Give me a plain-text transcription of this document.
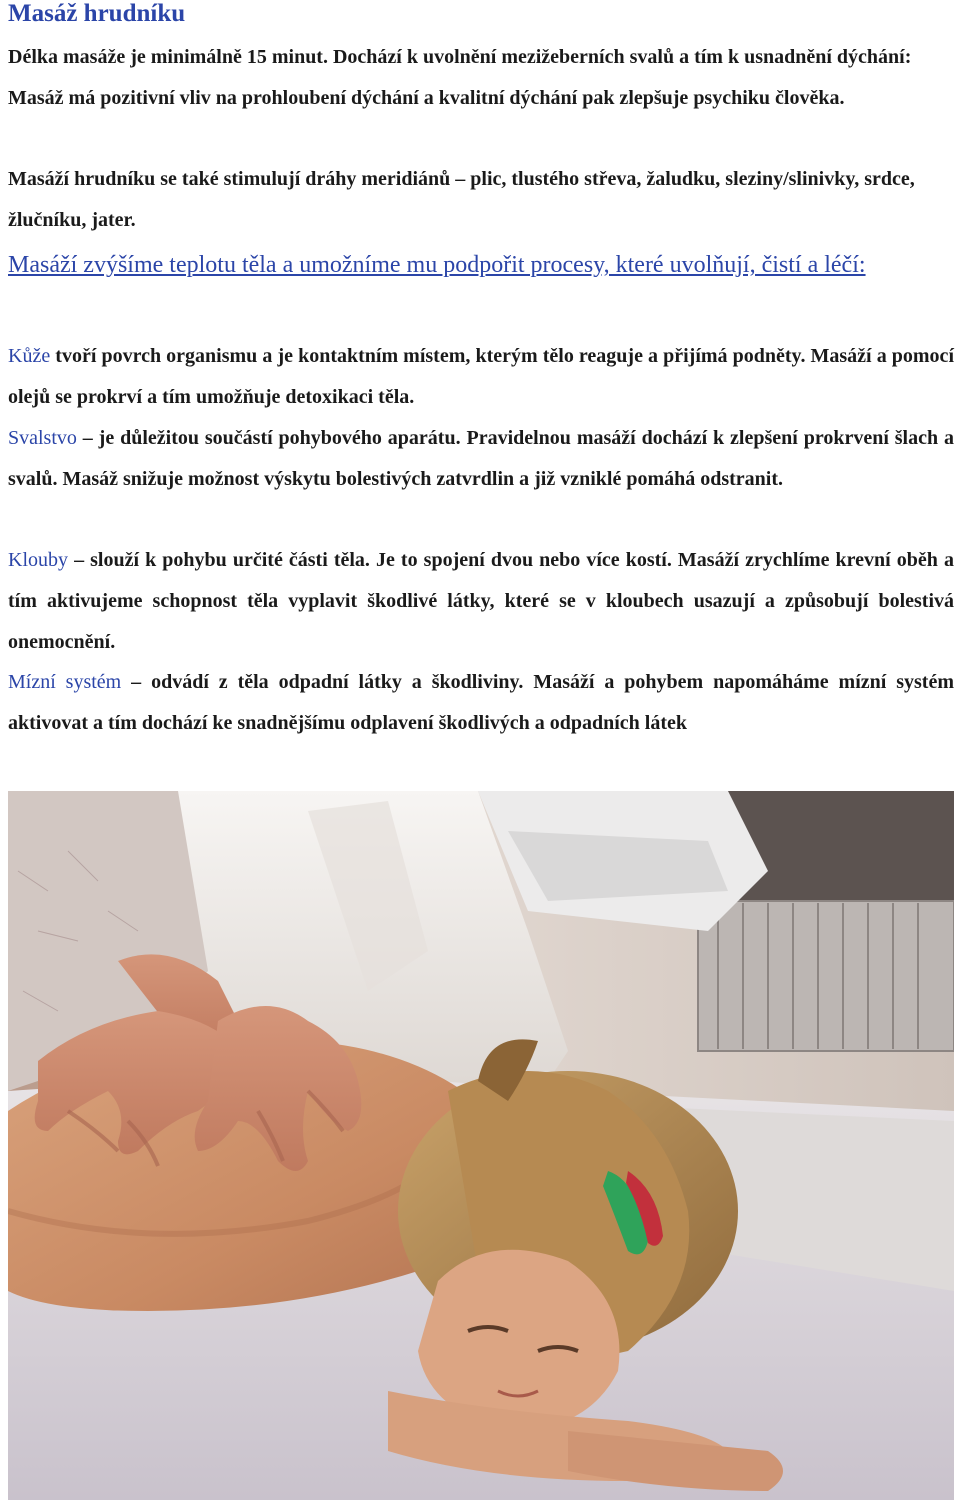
Masáž hrudníku
Délka masáže je minimálně 15 minut. Dochází k uvolnění mezižeberních svalů a tím k usnadnění dýchání: Masáž má pozitivní vliv na prohloubení dýchání a kvalitní dýchání pak zlepšuje psychiku člověka.
Masáží hrudníku se také stimulují dráhy meridiánů – plic, tlustého střeva, žaludku, sleziny/slinivky, srdce, žlučníku, jater.
Masáží zvýšíme teplotu těla a umožníme mu podpořit procesy, které uvolňují, čistí a léčí:
Kůže tvoří povrch organismu a je kontaktním místem, kterým tělo reaguje a přijímá podněty. Masáží a pomocí olejů se prokrví a tím umožňuje detoxikaci těla.
Svalstvo – je důležitou součástí pohybového aparátu. Pravidelnou masáží dochází k zlepšení prokrvení šlach a svalů. Masáž snižuje možnost výskytu bolestivých zatvrdlin a již vzniklé pomáhá odstranit.
Klouby – slouží k pohybu určité části těla. Je to spojení dvou nebo více kostí. Masáží zrychlíme krevní oběh a tím aktivujeme schopnost těla vyplavit škodlivé látky, které se v kloubech usazují a způsobují bolestivá onemocnění.
Mízní systém – odvádí z těla odpadní látky a škodliviny. Masáží a pohybem napomáháme mízní systém aktivovat a tím dochází ke snadnějšímu odplavení škodlivých a odpadních látek
